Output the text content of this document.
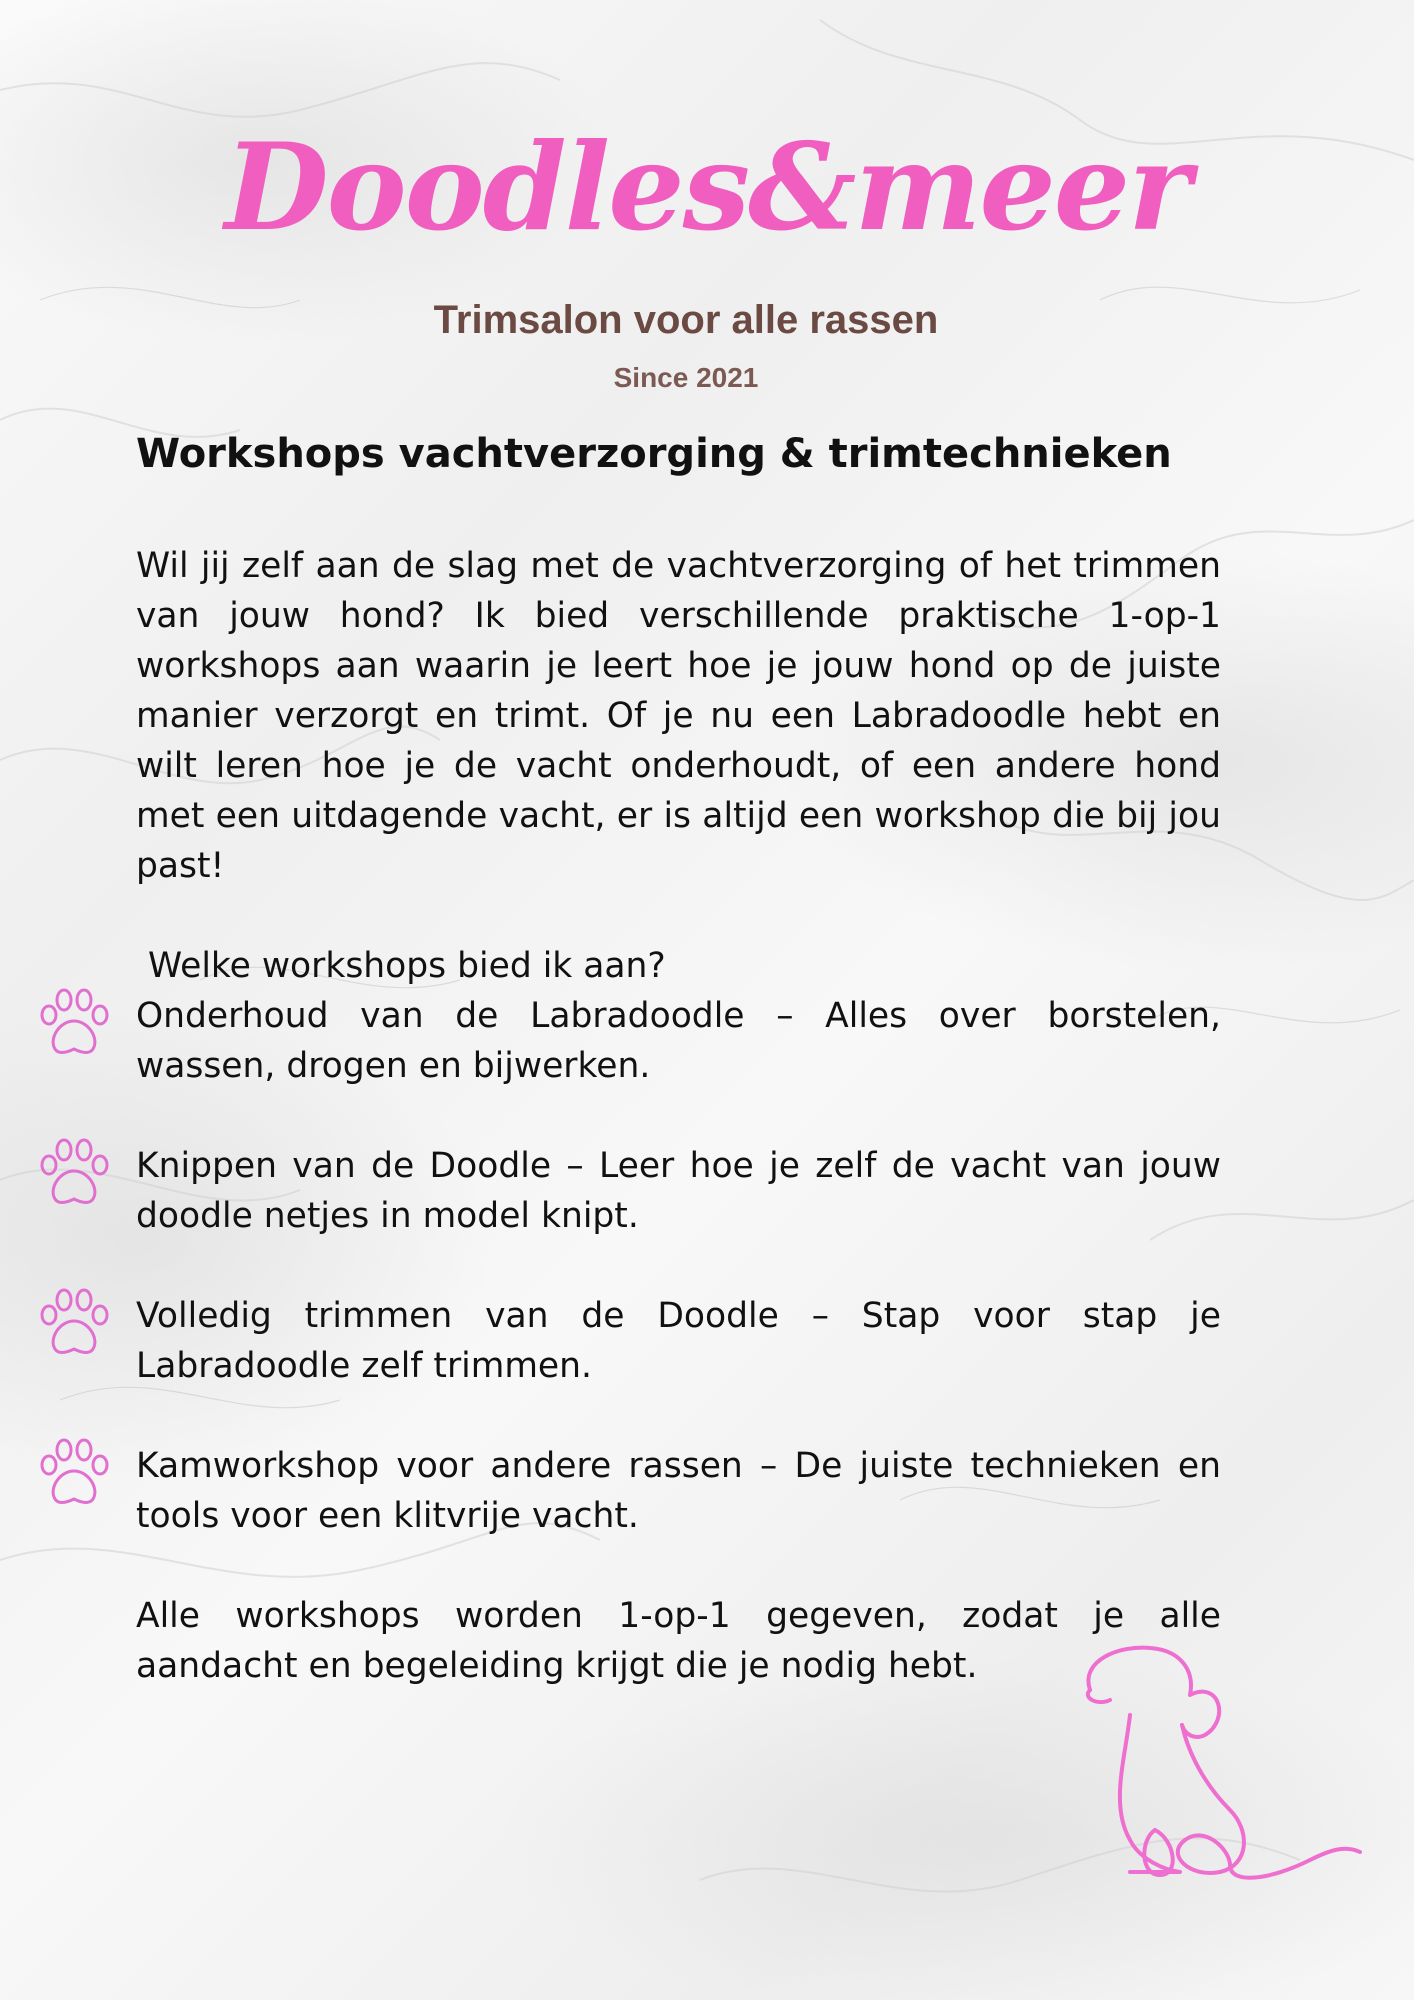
Doodles&meer
Trimsalon voor alle rassen
Since 2021
Workshops vachtverzorging & trimtechnieken

Wil jij zelf aan de slag met de vachtverzorging of het trimmen van jouw hond? Ik bied verschillende praktische 1-op-1 workshops aan waarin je leert hoe je jouw hond op de juiste manier verzorgt en trimt. Of je nu een Labradoodle hebt en wilt leren hoe je de vacht onderhoudt, of een andere hond met een uitdagende vacht, er is altijd een workshop die bij jou past!

Welke workshops bied ik aan?

Onderhoud van de Labradoodle – Alles over borstelen, wassen, drogen en bijwerken.

Knippen van de Doodle – Leer hoe je zelf de vacht van jouw doodle netjes in model knipt.

Volledig trimmen van de Doodle – Stap voor stap je Labradoodle zelf trimmen.

Kamworkshop voor andere rassen – De juiste technieken en tools voor een klitvrije vacht.

Alle workshops worden 1-op-1 gegeven, zodat je alle aandacht en begeleiding krijgt die je nodig hebt.
